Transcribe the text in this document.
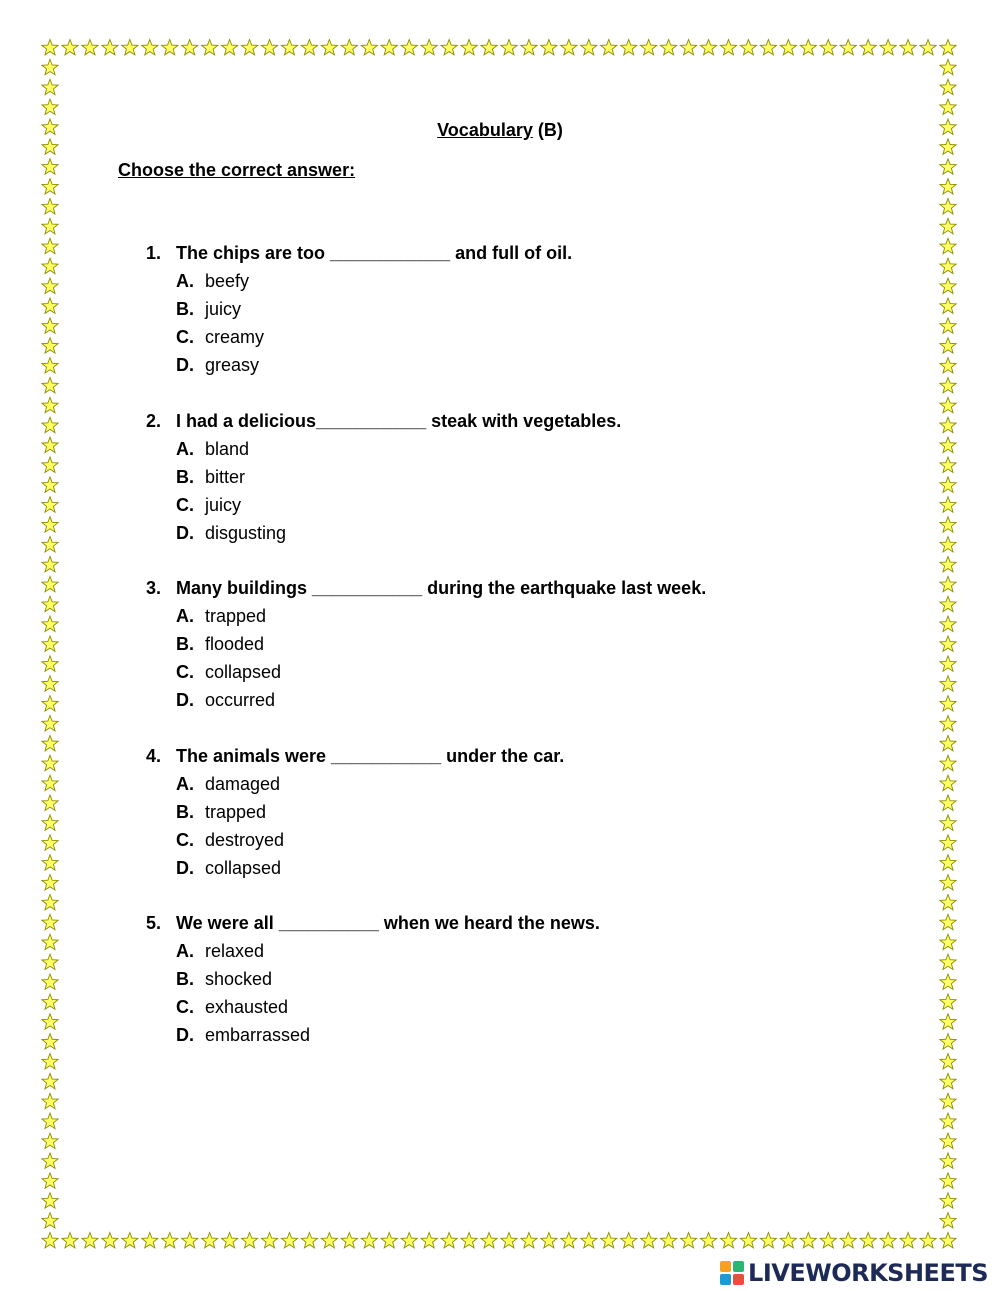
Vocabulary (B)
Choose the correct answer:
1. The chips are too ____________ and full of oil.
A. beefy
B. juicy
C. creamy
D. greasy
2. I had a delicious___________ steak with vegetables.
A. bland
B. bitter
C. juicy
D. disgusting
3. Many buildings ___________ during the earthquake last week.
A. trapped
B. flooded
C. collapsed
D. occurred
4. The animals were ___________ under the car.
A. damaged
B. trapped
C. destroyed
D. collapsed
5. We were all __________ when we heard the news.
A. relaxed
B. shocked
C. exhausted
D. embarrassed
LIVEWORKSHEETS
